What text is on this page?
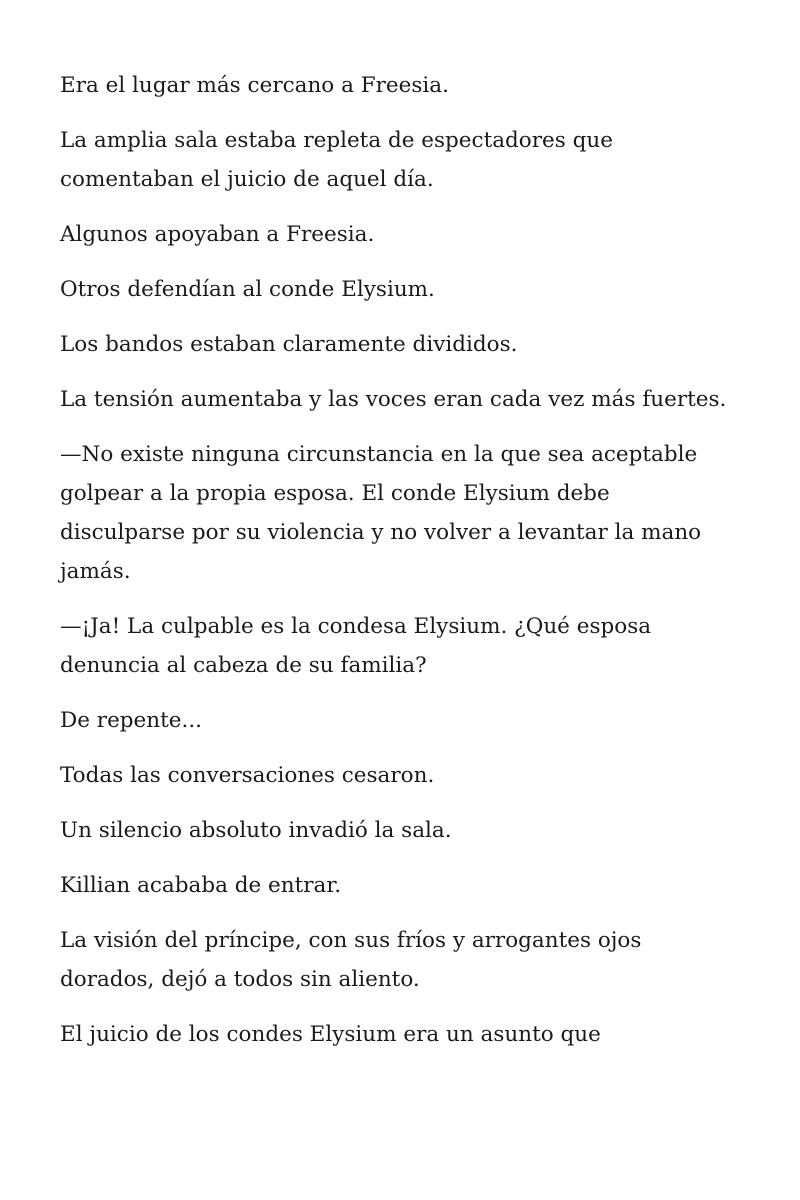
Era el lugar más cercano a Freesia.

La amplia sala estaba repleta de espectadores que comentaban el juicio de aquel día.

Algunos apoyaban a Freesia.

Otros defendían al conde Elysium.

Los bandos estaban claramente divididos.

La tensión aumentaba y las voces eran cada vez más fuertes.

—No existe ninguna circunstancia en la que sea aceptable golpear a la propia esposa. El conde Elysium debe disculparse por su violencia y no volver a levantar la mano jamás.

—¡Ja! La culpable es la condesa Elysium. ¿Qué esposa denuncia al cabeza de su familia?

De repente...

Todas las conversaciones cesaron.

Un silencio absoluto invadió la sala.

Killian acababa de entrar.

La visión del príncipe, con sus fríos y arrogantes ojos dorados, dejó a todos sin aliento.

El juicio de los condes Elysium era un asunto que
